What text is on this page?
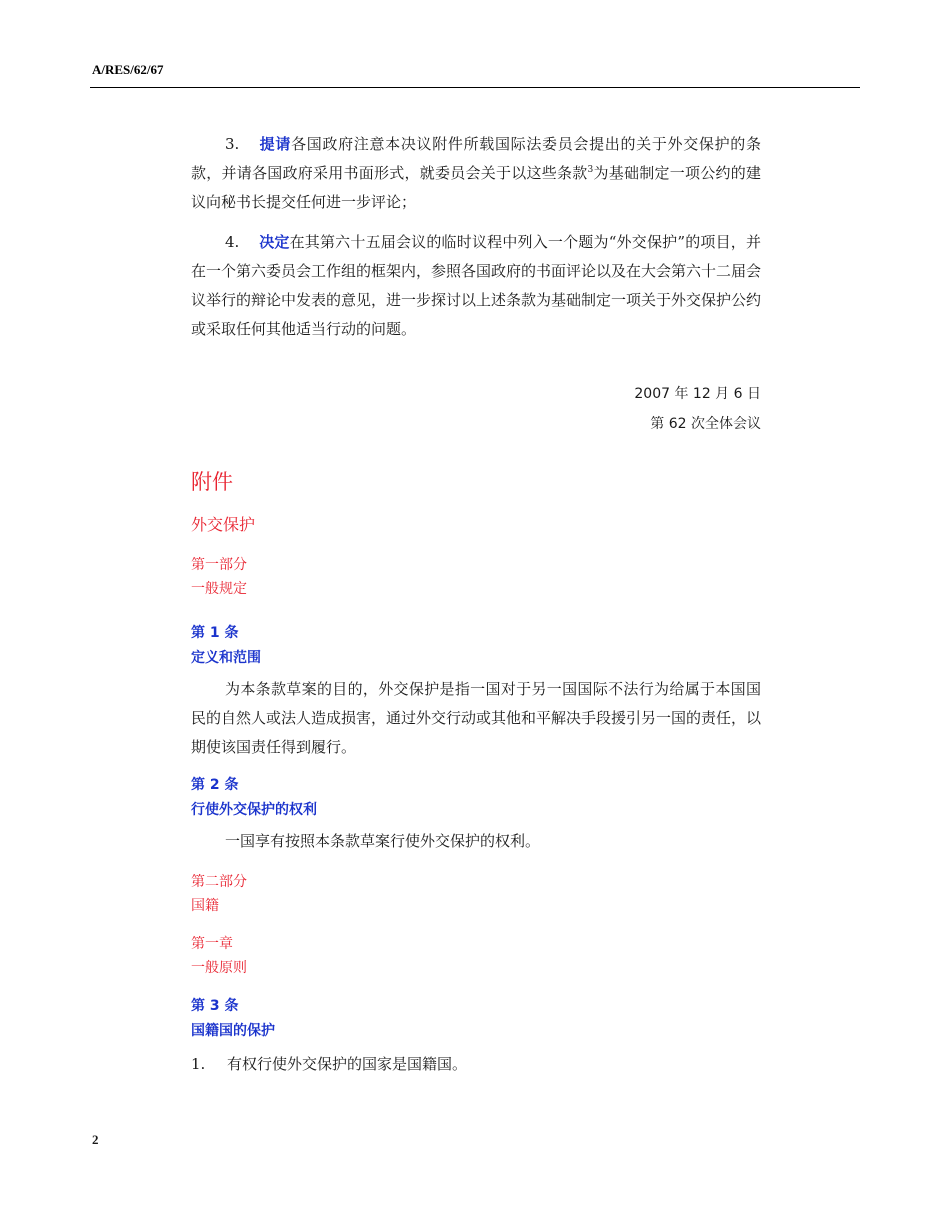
A/RES/62/67

3. 提请各国政府注意本决议附件所载国际法委员会提出的关于外交保护的条款，并请各国政府采用书面形式，就委员会关于以这些条款$^3$为基础制定一项公约的建议向秘书长提交任何进一步评论；

4. 决定在其第六十五届会议的临时议程中列入一个题为“外交保护”的项目，并在一个第六委员会工作组的框架内，参照各国政府的书面评论以及在大会第六十二届会议举行的辩论中发表的意见，进一步探讨以上述条款为基础制定一项关于外交保护公约或采取任何其他适当行动的问题。

2007 年 12 月 6 日
第 62 次全体会议
附件
外交保护

第一部分

一般规定

第 1 条

定义和范围

为本条款草案的目的，外交保护是指一国对于另一国国际不法行为给属于本国国民的自然人或法人造成损害，通过外交行动或其他和平解决手段援引另一国的责任，以期使该国责任得到履行。

第 2 条

行使外交保护的权利

一国享有按照本条款草案行使外交保护的权利。

第二部分

国籍

第一章

一般原则

第 3 条

国籍国的保护

1. 有权行使外交保护的国家是国籍国。

2
